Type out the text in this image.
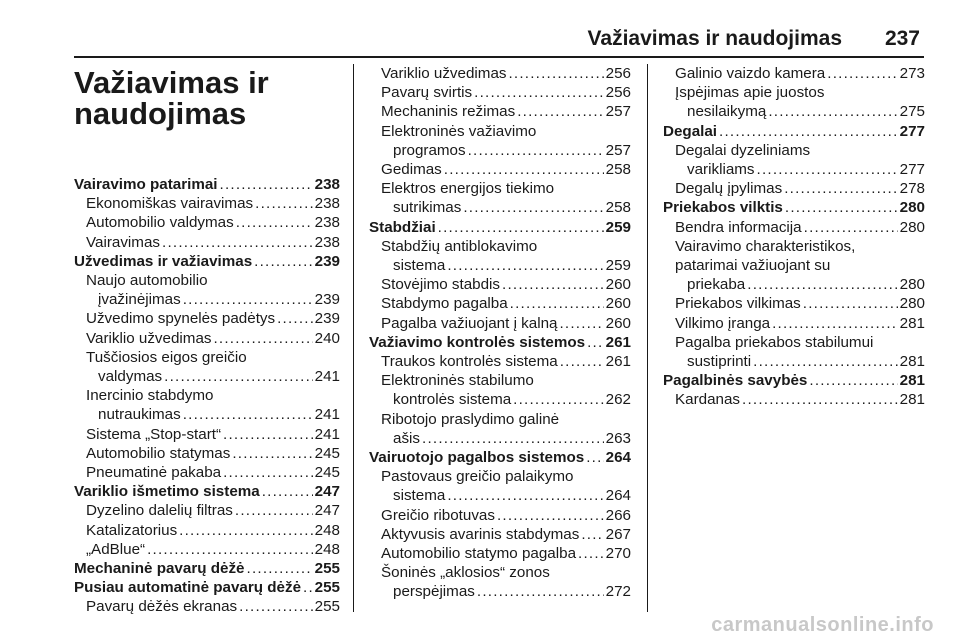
Važiavimas ir naudojimas 237
Važiavimas ir
naudojimas
Vairavimo patarimai . . .	238
Ekonomiškas vairavimas . . .	238
Automobilio valdymas . . .	238
Vairavimas . . .	238
Užvedimas ir važiavimas . . .	239
Naujo automobilio
įvažinėjimas . . .	239
Užvedimo spynelės padėtys . . .	239
Variklio užvedimas . . .	240
Tuščiosios eigos greičio
valdymas . . .	241
Inercinio stabdymo
nutraukimas . . .	241
Sistema „Stop-start“ . . .	241
Automobilio statymas . . .	245
Pneumatinė pakaba . . .	245
Variklio išmetimo sistema . . .	247
Dyzelino dalelių filtras . . .	247
Katalizatorius . . .	248
„AdBlue“ . . .	248
Mechaninė pavarų dėžė . . .	255
Pusiau automatinė pavarų dėžė . . . 255
Pavarų dėžės ekranas . . .	255
Variklio užvedimas . . .	256
Pavarų svirtis . . .	256
Mechaninis režimas . . .	257
Elektroninės važiavimo
programos . . .	257
Gedimas . . .	258
Elektros energijos tiekimo
sutrikimas . . .	258
Stabdžiai . . .	259
Stabdžių antiblokavimo
sistema . . .	259
Stovėjimo stabdis . . .	260
Stabdymo pagalba . . .	260
Pagalba važiuojant į kalną . . .	260
Važiavimo kontrolės sistemos . . . 261
Traukos kontrolės sistema . . .	261
Elektroninės stabilumo
kontrolės sistema . . .	262
Ribotojo praslydimo galinė
ašis . . .	263
Vairuotojo pagalbos sistemos . . . 264
Pastovaus greičio palaikymo
sistema . . .	264
Greičio ribotuvas . . .	266
Aktyvusis avarinis stabdymas . . . 267
Automobilio statymo pagalba . . . 270
Šoninės „aklosios“ zonos
perspėjimas . . .	272
Galinio vaizdo kamera . . .	273
Įspėjimas apie juostos
nesilaikymą . . .	275
Degalai . . .	277
Degalai dyzeliniams
varikliams . . .	277
Degalų įpylimas . . .	278
Priekabos vilktis . . .	280
Bendra informacija . . .	280
Vairavimo charakteristikos,
patarimai važiuojant su
priekaba . . .	280
Priekabos vilkimas . . .	280
Vilkimo įranga . . .	281
Pagalba priekabos stabilumui
sustiprinti . . .	281
Pagalbinės savybės . . .	281
Kardanas . . .	281
carmanualsonline.info
